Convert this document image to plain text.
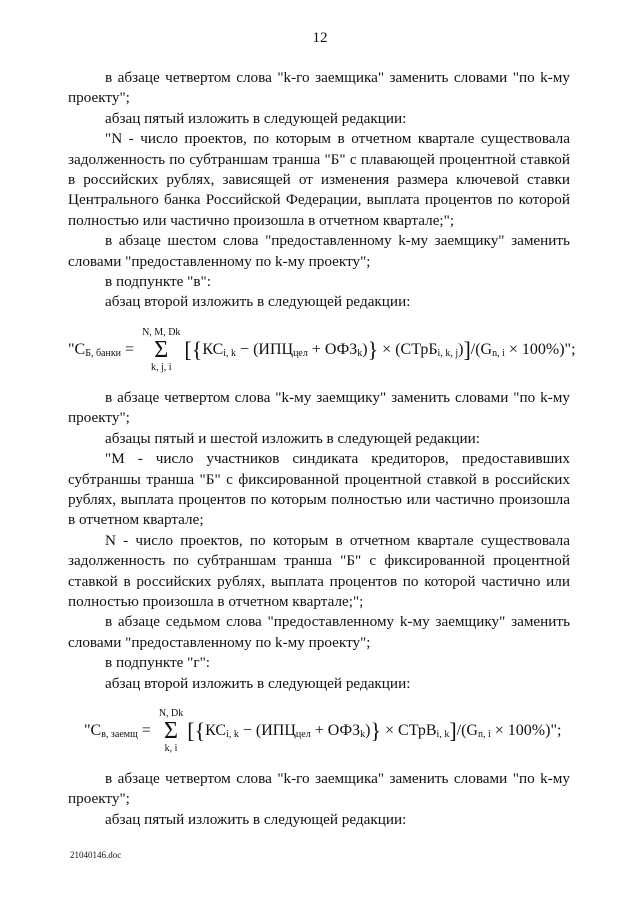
12

в абзаце четвертом слова "k-го заемщика" заменить словами "по k-му проекту";

абзац пятый изложить в следующей редакции:

"N - число проектов, по которым в отчетном квартале существовала задолженность по субтраншам транша "Б" с плавающей процентной ставкой в российских рублях, зависящей от изменения размера ключевой ставки Центрального банка Российской Федерации, выплата процентов по которой полностью или частично произошла в отчетном квартале;";

в абзаце шестом слова "предоставленному k-му заемщику" заменить словами "предоставленному по k-му проекту";

в подпункте "в":

абзац второй изложить в следующей редакции:

"C Б, банки =
N, M, Dk
Σ
k, j, i
[ { КС i, k − (ИПЦ цел + ОФЗ k ) } × (СТрБ i, k, j ) ] /(G n, i × 100%)";

в абзаце четвертом слова "k-му заемщику" заменить словами "по k-му проекту";

абзацы пятый и шестой изложить в следующей редакции:

"M - число участников синдиката кредиторов, предоставивших субтраншы транша "Б" с фиксированной процентной ставкой в российских рублях, выплата процентов по которым полностью или частично произошла в отчетном квартале;

N - число проектов, по которым в отчетном квартале существовала задолженность по субтраншам транша "Б" с фиксированной процентной ставкой в российских рублях, выплата процентов по которой частично или полностью произошла в отчетном квартале;";

в абзаце седьмом слова "предоставленному k-му заемщику" заменить словами "предоставленному по k-му проекту";

в подпункте "г":

абзац второй изложить в следующей редакции:

"C в, заемщ =
N, Dk
Σ
k, i
[ { КС i, k − (ИПЦ цел + ОФЗ k ) } × СТрВ i, k ] /(G n, i × 100%)";

в абзаце четвертом слова "k-го заемщика" заменить словами "по k-му проекту";

абзац пятый изложить в следующей редакции:

21040146.doc
